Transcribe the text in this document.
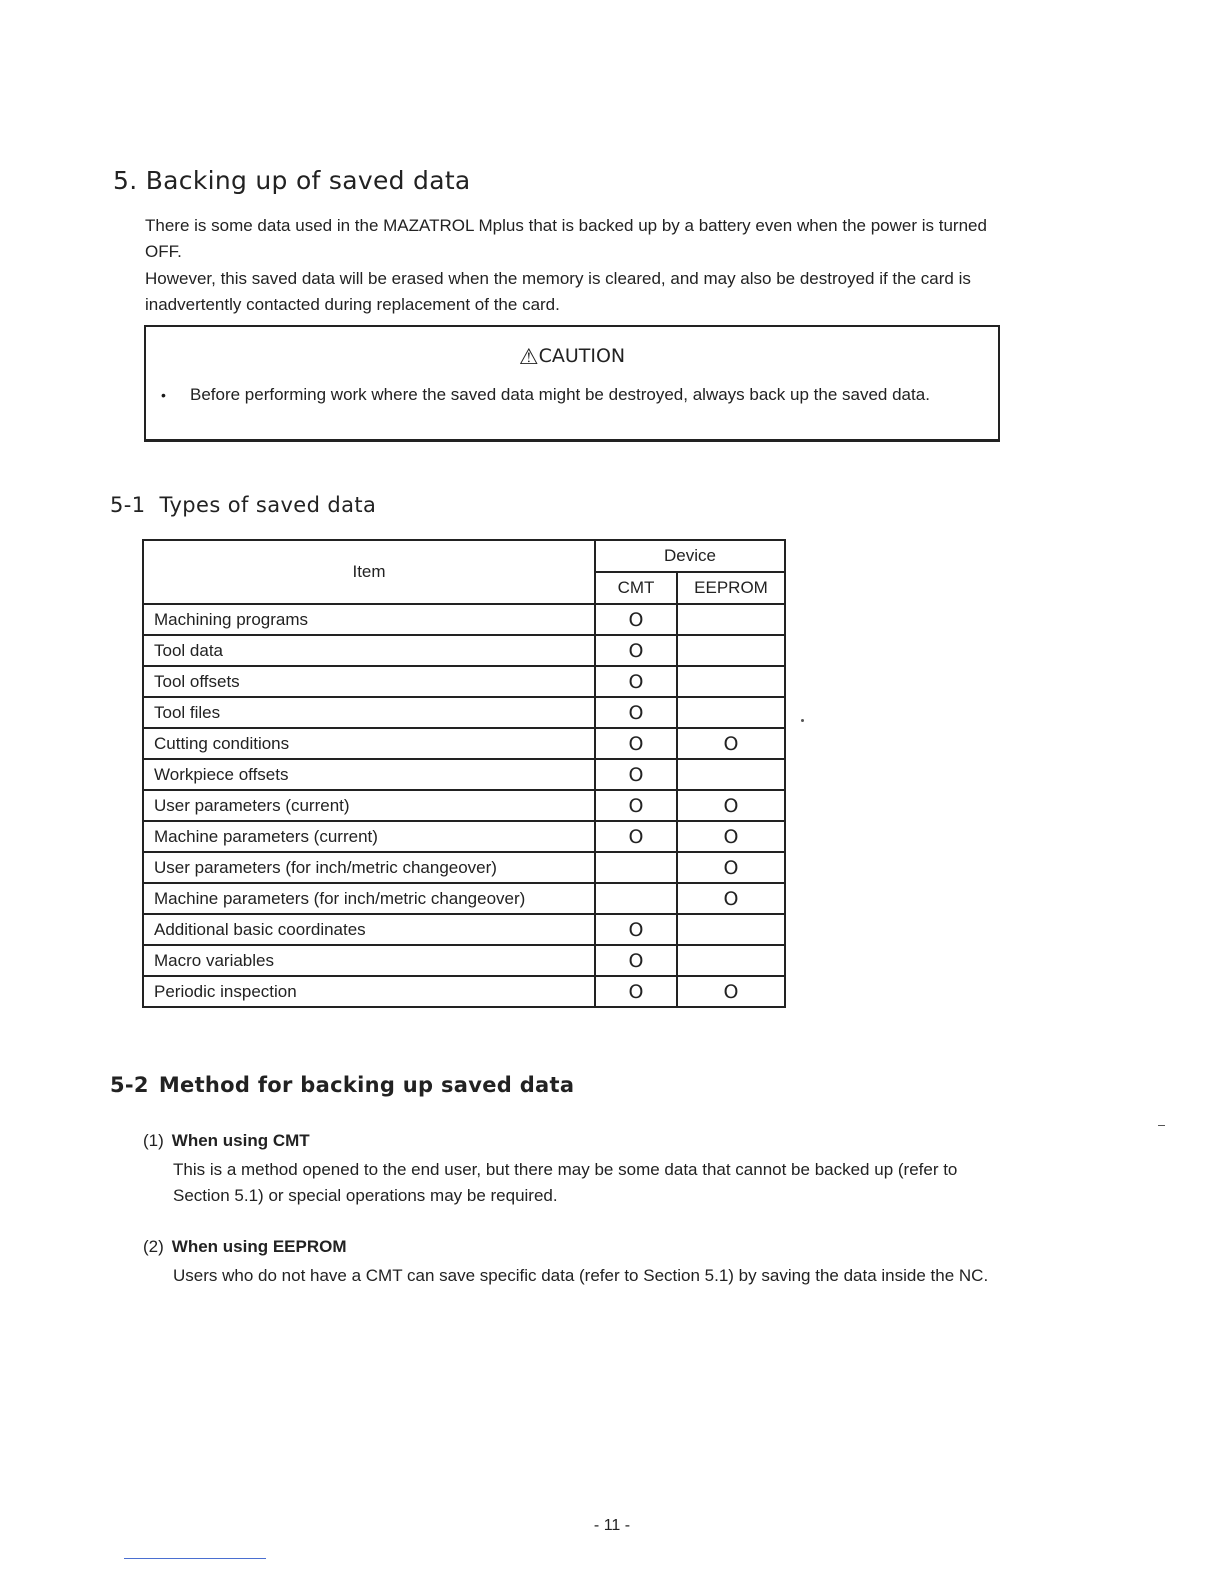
5. Backing up of saved data
There is some data used in the MAZATROL Mplus that is backed up by a battery even when the power is turned OFF.
However, this saved data will be erased when the memory is cleared, and may also be destroyed if the card is inadvertently contacted during replacement of the card.
⚠CAUTION
• Before performing work where the saved data might be destroyed, always back up the saved data.
5-1 Types of saved data
Item	Device	
	CMT	EEPROM
Machining programs	O	
Tool data	O	
Tool offsets	O	
Tool files	O	
Cutting conditions	O	O
Workpiece offsets	O	
User parameters (current)	O	O
Machine parameters (current)	O	O
User parameters (for inch/metric changeover)		O
Machine parameters (for inch/metric changeover)		O
Additional basic coordinates	O	
Macro variables	O	
Periodic inspection	O	O
5-2 Method for backing up saved data
(1) When using CMT
This is a method opened to the end user, but there may be some data that cannot be backed up (refer to Section 5.1) or special operations may be required.
(2) When using EEPROM
Users who do not have a CMT can save specific data (refer to Section 5.1) by saving the data inside the NC.
- 11 -
